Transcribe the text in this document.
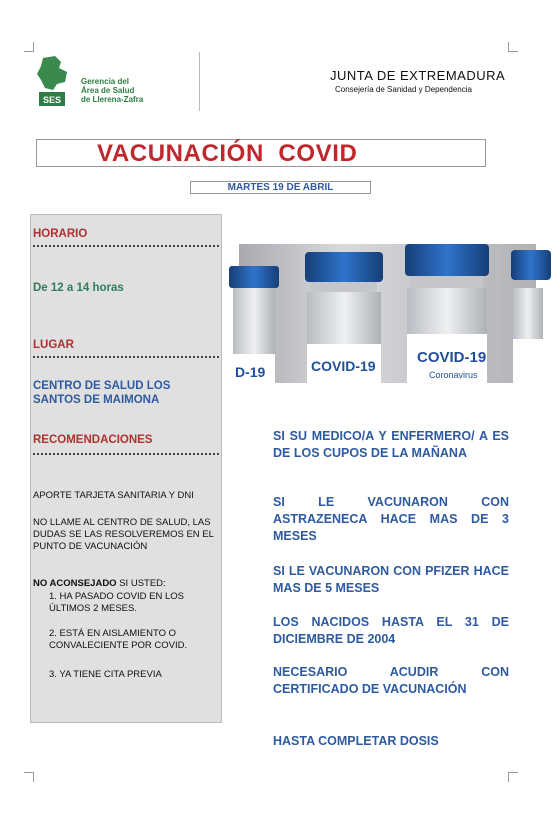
SES
Gerencia del
Área de Salud
de Llerena-Zafra
JUNTA DE EXTREMADURA
Consejería de Sanidad y Dependencia
VACUNACIÓN  COVID
MARTES 19 DE ABRIL
HORARIO
De 12 a 14 horas
LUGAR
CENTRO DE SALUD LOS
SANTOS DE MAIMONA
RECOMENDACIONES
APORTE TARJETA SANITARIA Y DNI
NO LLAME AL CENTRO DE SALUD, LAS DUDAS SE LAS RESOLVEREMOS EN EL PUNTO DE VACUNACIÓN
NO ACONSEJADO SI USTED:
1. HA PASADO COVID EN LOS ÚLTIMOS 2 MESES.
2. ESTÁ EN AISLAMIENTO O CONVALECIENTE POR COVID.
3. YA TIENE CITA PREVIA
D-19	COVID-19	COVID-19
Coronavirus
SI SU MEDICO/A Y ENFERMERO/ A ES DE LOS CUPOS DE LA MAÑANA
SI LE VACUNARON CON ASTRAZENECA HACE MAS DE 3 MESES
SI LE VACUNARON CON PFIZER HACE MAS DE 5 MESES
LOS NACIDOS HASTA EL 31 DE DICIEMBRE DE 2004
NECESARIO ACUDIR CON CERTIFICADO DE VACUNACIÓN
HASTA COMPLETAR DOSIS
